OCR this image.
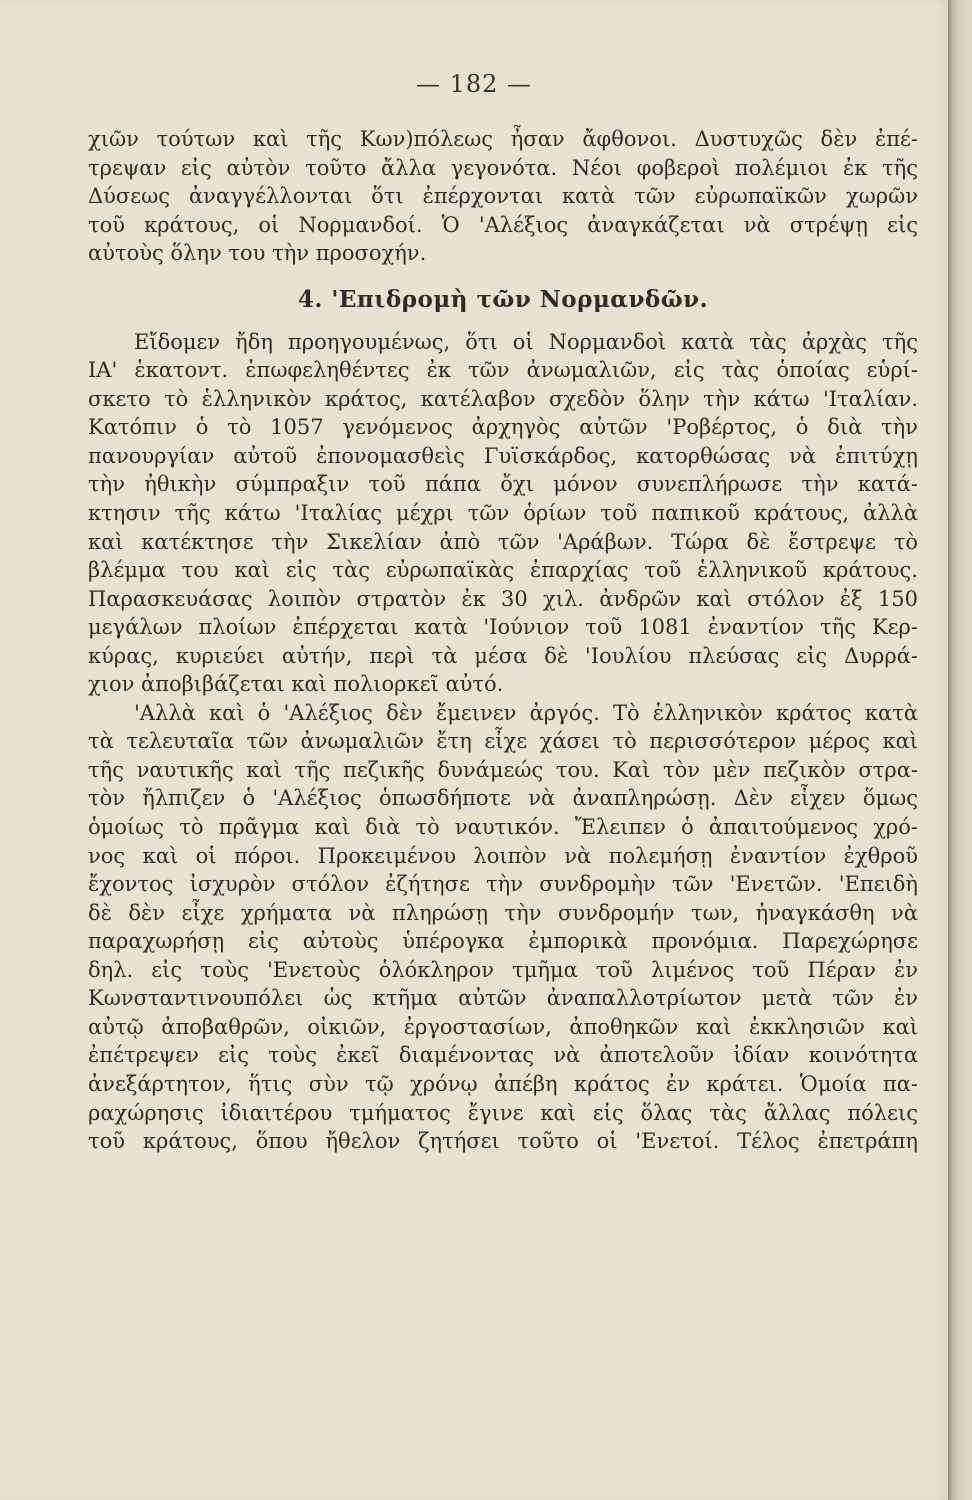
— 182 —
χιῶν τούτων καὶ τῆς Κων)πόλεως ἦσαν ἄφθονοι. Δυστυχῶς δὲν ἐπέ-
τρεψαν εἰς αὐτὸν τοῦτο ἄλλα γεγονότα. Νέοι φοβεροὶ πολέμιοι ἐκ τῆς
Δύσεως ἀναγγέλλονται ὅτι ἐπέρχονται κατὰ τῶν εὐρωπαϊκῶν χωρῶν
τοῦ κράτους, οἱ Νορμανδοί. Ὁ 'Αλέξιος ἀναγκάζεται νὰ στρέψῃ εἰς
αὐτοὺς ὅλην του τὴν προσοχήν.
4. 'Επιδρομὴ τῶν Νορμανδῶν.
Εἴδομεν ἤδη προηγουμένως, ὅτι οἱ Νορμανδοὶ κατὰ τὰς ἀρχὰς τῆς
ΙΑ' ἑκατοντ. ἐπωφεληθέντες ἐκ τῶν ἀνωμαλιῶν, εἰς τὰς ὁποίας εὑρί-
σκετο τὸ ἑλληνικὸν κράτος, κατέλαβον σχεδὸν ὅλην τὴν κάτω 'Ιταλίαν.
Κατόπιν ὁ τὸ 1057 γενόμενος ἀρχηγὸς αὐτῶν 'Ροβέρτος, ὁ διὰ τὴν
πανουργίαν αὐτοῦ ἐπονομασθεὶς Γυϊσκάρδος, κατορθώσας νὰ ἐπιτύχῃ
τὴν ἠθικὴν σύμπραξιν τοῦ πάπα ὄχι μόνον συνεπλήρωσε τὴν κατά-
κτησιν τῆς κάτω 'Ιταλίας μέχρι τῶν ὁρίων τοῦ παπικοῦ κράτους, ἀλλὰ
καὶ κατέκτησε τὴν Σικελίαν ἀπὸ τῶν 'Αράβων. Τώρα δὲ ἔστρεψε τὸ
βλέμμα του καὶ εἰς τὰς εὐρωπαϊκὰς ἐπαρχίας τοῦ ἑλληνικοῦ κράτους.
Παρασκευάσας λοιπὸν στρατὸν ἐκ 30 χιλ. ἀνδρῶν καὶ στόλον ἐξ 150
μεγάλων πλοίων ἐπέρχεται κατὰ 'Ιούνιον τοῦ 1081 ἐναντίον τῆς Κερ-
κύρας, κυριεύει αὐτήν, περὶ τὰ μέσα δὲ 'Ιουλίου πλεύσας εἰς Δυρρά-
χιον ἀποβιβάζεται καὶ πολιορκεῖ αὐτό.
'Αλλὰ καὶ ὁ 'Αλέξιος δὲν ἔμεινεν ἀργός. Τὸ ἑλληνικὸν κράτος κατὰ
τὰ τελευταῖα τῶν ἀνωμαλιῶν ἔτη εἶχε χάσει τὸ περισσότερον μέρος καὶ
τῆς ναυτικῆς καὶ τῆς πεζικῆς δυνάμεώς του. Καὶ τὸν μὲν πεζικὸν στρα-
τὸν ἤλπιζεν ὁ 'Αλέξιος ὁπωσδήποτε νὰ ἀναπληρώσῃ. Δὲν εἶχεν ὅμως
ὁμοίως τὸ πρᾶγμα καὶ διὰ τὸ ναυτικόν. Ἔλειπεν ὁ ἀπαιτούμενος χρό-
νος καὶ οἱ πόροι. Προκειμένου λοιπὸν νὰ πολεμήσῃ ἐναντίον ἐχθροῦ
ἔχοντος ἰσχυρὸν στόλον ἐζήτησε τὴν συνδρομὴν τῶν 'Ενετῶν. 'Επειδὴ
δὲ δὲν εἶχε χρήματα νὰ πληρώσῃ τὴν συνδρομήν των, ἠναγκάσθη νὰ
παραχωρήσῃ εἰς αὐτοὺς ὑπέρογκα ἐμπορικὰ προνόμια. Παρεχώρησε
δηλ. εἰς τοὺς 'Ενετοὺς ὁλόκληρον τμῆμα τοῦ λιμένος τοῦ Πέραν ἐν
Κωνσταντινουπόλει ὡς κτῆμα αὐτῶν ἀναπαλλοτρίωτον μετὰ τῶν ἐν
αὐτῷ ἀποβαθρῶν, οἰκιῶν, ἐργοστασίων, ἀποθηκῶν καὶ ἐκκλησιῶν καὶ
ἐπέτρεψεν εἰς τοὺς ἐκεῖ διαμένοντας νὰ ἀποτελοῦν ἰδίαν κοινότητα
ἀνεξάρτητον, ἥτις σὺν τῷ χρόνῳ ἀπέβη κράτος ἐν κράτει. Ὁμοία πα-
ραχώρησις ἰδιαιτέρου τμήματος ἔγινε καὶ εἰς ὅλας τὰς ἄλλας πόλεις
τοῦ κράτους, ὅπου ἤθελον ζητήσει τοῦτο οἱ 'Ενετοί. Τέλος ἐπετράπη
